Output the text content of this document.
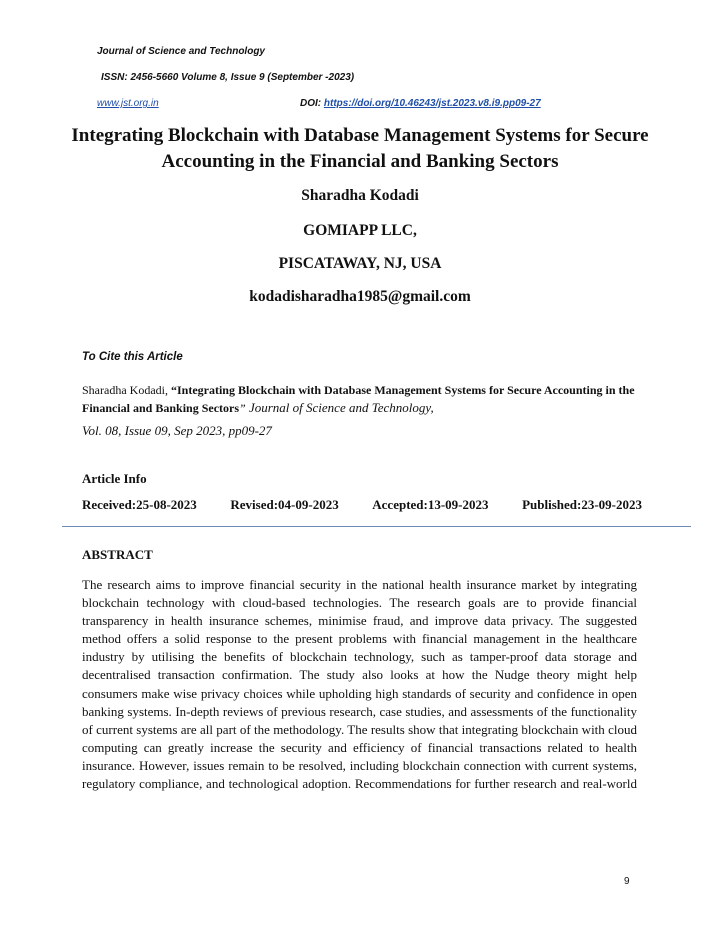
Journal of Science and Technology
ISSN: 2456-5660 Volume 8, Issue 9 (September -2023)
www.jst.org.in	DOI: https://doi.org/10.46243/jst.2023.v8.i9.pp09-27
Integrating Blockchain with Database Management Systems for Secure Accounting in the Financial and Banking Sectors
Sharadha Kodadi
GOMIAPP LLC,
PISCATAWAY, NJ, USA
kodadisharadha1985@gmail.com
To Cite this Article
Sharadha Kodadi, “Integrating Blockchain with Database Management Systems for Secure Accounting in the Financial and Banking Sectors” Journal of Science and Technology,
Vol. 08, Issue 09, Sep 2023, pp09-27
Article Info
Received:25-08-2023	Revised:04-09-2023	Accepted:13-09-2023	Published:23-09-2023
ABSTRACT

The research aims to improve financial security in the national health insurance market by integrating blockchain technology with cloud-based technologies. The research goals are to provide financial transparency in health insurance schemes, minimise fraud, and improve data privacy. The suggested method offers a solid response to the present problems with financial management in the healthcare industry by utilising the benefits of blockchain technology, such as tamper-proof data storage and decentralised transaction confirmation. The study also looks at how the Nudge theory might help consumers make wise privacy choices while upholding high standards of security and confidence in open banking systems. In-depth reviews of previous research, case studies, and assessments of the functionality of current systems are all part of the methodology. The results show that integrating blockchain with cloud computing can greatly increase the security and efficiency of financial transactions related to health insurance. However, issues remain to be resolved, including blockchain connection with current systems, regulatory compliance, and technological adoption. Recommendations for further research and real-world

9
